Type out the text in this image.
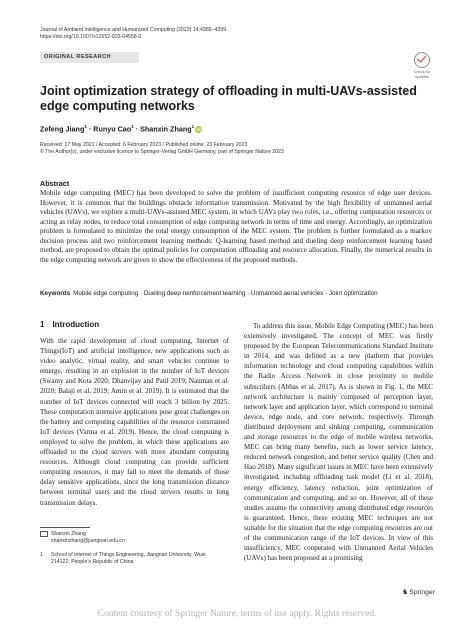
Journal of Ambient Intelligence and Humanized Computing (2023) 14:4385–4399
https://doi.org/10.1007/s12652-023-04558-0
ORIGINAL RESEARCH
Check for
updates
Joint optimization strategy of offloading in multi-UAVs-assisted edge computing networks
Zefeng Jiang$^1$ · Runyu Cao$^1$ · Shanxin Zhang$^1$iD
Received: 17 May 2021 / Accepted: 6 February 2023 / Published online: 23 February 2023
© The Author(s), under exclusive licence to Springer-Verlag GmbH Germany, part of Springer Nature 2023
Abstract
Mobile edge computing (MEC) has been developed to solve the problem of insufficient computing resource of edge user devices. However, it is common that the buildings obstacle information transmission. Motivated by the high flexibility of unmanned aerial vehicles (UAVs), we explore a multi-UAVs-assisted MEC system, in which UAVs play two roles, i.e., offering computation resources or acting as relay nodes, to reduce total consumption of edge computing network in terms of time and energy. Accordingly, an optimization problem is formulated to minimize the total energy consumption of the MEC system. The problem is further formulated as a markov decision process and two reinforcement learning methods: Q-learning based method and dueling deep reinforcement learning based method, are proposed to obtain the optimal policies for computation offloading and resource allocation. Finally, the numerical results in the edge computing network are given to show the effectiveness of the proposed methods.
Keywords Mobile edge computing · Dueling deep reinforcement learning · Unmanned aerial vehicles · Joint optimization
1 Introduction

With the rapid development of cloud computing, Internet of Things(IoT) and artificial intelligence, new applications such as video analytic, virtual reality, and smart vehicles continue to emerge, resulting in an explosion in the number of IoT devices (Swamy and Kota 2020; Dhanvijay and Patil 2019; Nauman et al. 2020; Balaji et al. 2019; Amin et al. 2019). It is estimated that the number of IoT devices connected will reach 3 billion by 2025. These computation intensive applications pose great challenges on the battery and computing capabilities of the resource constrained IoT devices (Varma et al. 2019). Hence, the cloud computing is employed to solve the problem, in which these applications are offloaded to the cloud servers with more abundant computing resources. Although cloud computing can provide sufficient computing resources, it may fail to meet the demands of those delay sensitive applications, since the long transmission distance between terminal users and the cloud servers results in long transmission delays.

To address this issue, Mobile Edge Computing (MEC) has been extensively investigated. The concept of MEC was firstly proposed by the European Telecommunications Standard Institute in 2014, and was defined as a new platform that provides information technology and cloud computing capabilities within the Radio Access Network in close proximity to mobile subscribers (Abbas et al. 2017). As is shown in Fig. 1, the MEC network architecture is mainly composed of perception layer, network layer and application layer, which correspond to terminal device, edge node, and core network, respectively. Through distributed deployment and sinking computing, communication and storage resources to the edge of mobile wireless networks, MEC can bring many benefits, such as lower service latency, reduced network congestion, and better service quality (Chen and Hao 2018). Many significant issues in MEC have been extensively investigated, including offloading task model (Li et al. 2018), energy efficiency, latency reduction, joint optimization of communication and computing, and so on. However, all of these studies assume the connectivity among distributed edge resources is guaranteed. Hence, these existing MEC techniques are not suitable for the situation that the edge computing resources are out of the communication range of the IoT devices. In view of this insufficiency, MEC cooperated with Unmanned Aerial Vehicles (UAVs) has been proposed as a promising

Shanxin Zhang
shanxinzhang@jiangnan.edu.cn
1 School of Internet of Things Engineering, Jiangnan University, Wuxi 214122, People’s Republic of China
♞Springer
Content courtesy of Springer Nature, terms of use apply. Rights reserved.
